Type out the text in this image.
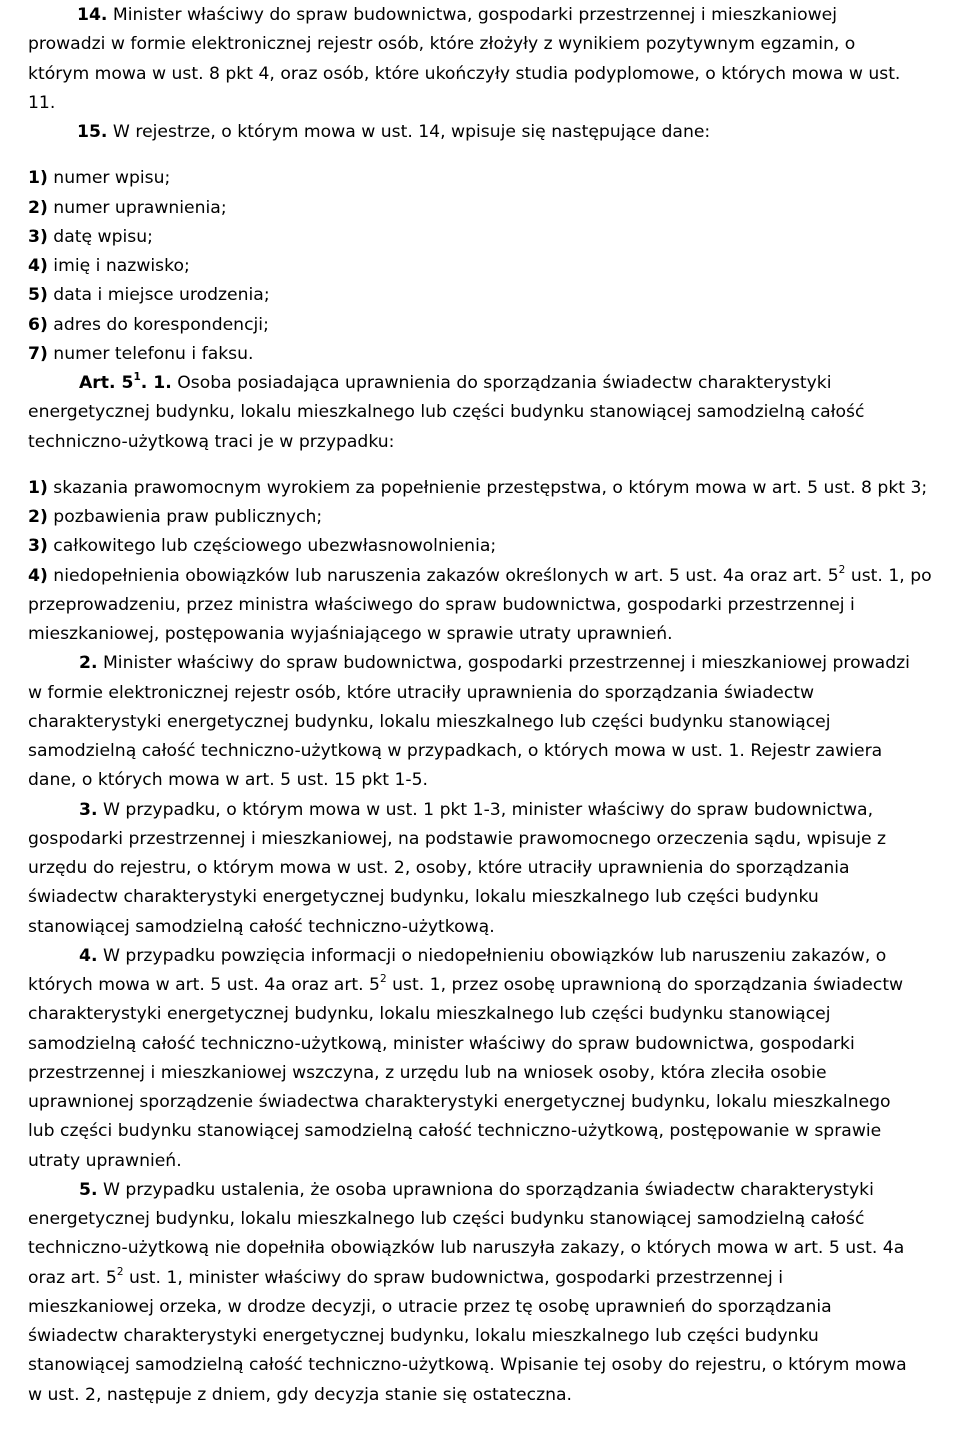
14. Minister właściwy do spraw budownictwa, gospodarki przestrzennej i mieszkaniowej
prowadzi w formie elektronicznej rejestr osób, które złożyły z wynikiem pozytywnym egzamin, o
którym mowa w ust. 8 pkt 4, oraz osób, które ukończyły studia podyplomowe, o których mowa w ust.
11.
15. W rejestrze, o którym mowa w ust. 14, wpisuje się następujące dane:
1) numer wpisu;
2) numer uprawnienia;
3) datę wpisu;
4) imię i nazwisko;
5) data i miejsce urodzenia;
6) adres do korespondencji;
7) numer telefonu i faksu.
Art. $5^1$. 1. Osoba posiadająca uprawnienia do sporządzania świadectw charakterystyki
energetycznej budynku, lokalu mieszkalnego lub części budynku stanowiącej samodzielną całość
techniczno-użytkową traci je w przypadku:
1) skazania prawomocnym wyrokiem za popełnienie przestępstwa, o którym mowa w art. 5 ust. 8 pkt 3;
2) pozbawienia praw publicznych;
3) całkowitego lub częściowego ubezwłasnowolnienia;
4) niedopełnienia obowiązków lub naruszenia zakazów określonych w art. 5 ust. 4a oraz art. $5^2$ ust. 1, po
przeprowadzeniu, przez ministra właściwego do spraw budownictwa, gospodarki przestrzennej i
mieszkaniowej, postępowania wyjaśniającego w sprawie utraty uprawnień.
2. Minister właściwy do spraw budownictwa, gospodarki przestrzennej i mieszkaniowej prowadzi
w formie elektronicznej rejestr osób, które utraciły uprawnienia do sporządzania świadectw
charakterystyki energetycznej budynku, lokalu mieszkalnego lub części budynku stanowiącej
samodzielną całość techniczno-użytkową w przypadkach, o których mowa w ust. 1. Rejestr zawiera
dane, o których mowa w art. 5 ust. 15 pkt 1-5.
3. W przypadku, o którym mowa w ust. 1 pkt 1-3, minister właściwy do spraw budownictwa,
gospodarki przestrzennej i mieszkaniowej, na podstawie prawomocnego orzeczenia sądu, wpisuje z
urzędu do rejestru, o którym mowa w ust. 2, osoby, które utraciły uprawnienia do sporządzania
świadectw charakterystyki energetycznej budynku, lokalu mieszkalnego lub części budynku
stanowiącej samodzielną całość techniczno-użytkową.
4. W przypadku powzięcia informacji o niedopełnieniu obowiązków lub naruszeniu zakazów, o
których mowa w art. 5 ust. 4a oraz art. $5^2$ ust. 1, przez osobę uprawnioną do sporządzania świadectw
charakterystyki energetycznej budynku, lokalu mieszkalnego lub części budynku stanowiącej
samodzielną całość techniczno-użytkową, minister właściwy do spraw budownictwa, gospodarki
przestrzennej i mieszkaniowej wszczyna, z urzędu lub na wniosek osoby, która zleciła osobie
uprawnionej sporządzenie świadectwa charakterystyki energetycznej budynku, lokalu mieszkalnego
lub części budynku stanowiącej samodzielną całość techniczno-użytkową, postępowanie w sprawie
utraty uprawnień.
5. W przypadku ustalenia, że osoba uprawniona do sporządzania świadectw charakterystyki
energetycznej budynku, lokalu mieszkalnego lub części budynku stanowiącej samodzielną całość
techniczno-użytkową nie dopełniła obowiązków lub naruszyła zakazy, o których mowa w art. 5 ust. 4a
oraz art. $5^2$ ust. 1, minister właściwy do spraw budownictwa, gospodarki przestrzennej i
mieszkaniowej orzeka, w drodze decyzji, o utracie przez tę osobę uprawnień do sporządzania
świadectw charakterystyki energetycznej budynku, lokalu mieszkalnego lub części budynku
stanowiącej samodzielną całość techniczno-użytkową. Wpisanie tej osoby do rejestru, o którym mowa
w ust. 2, następuje z dniem, gdy decyzja stanie się ostateczna.
